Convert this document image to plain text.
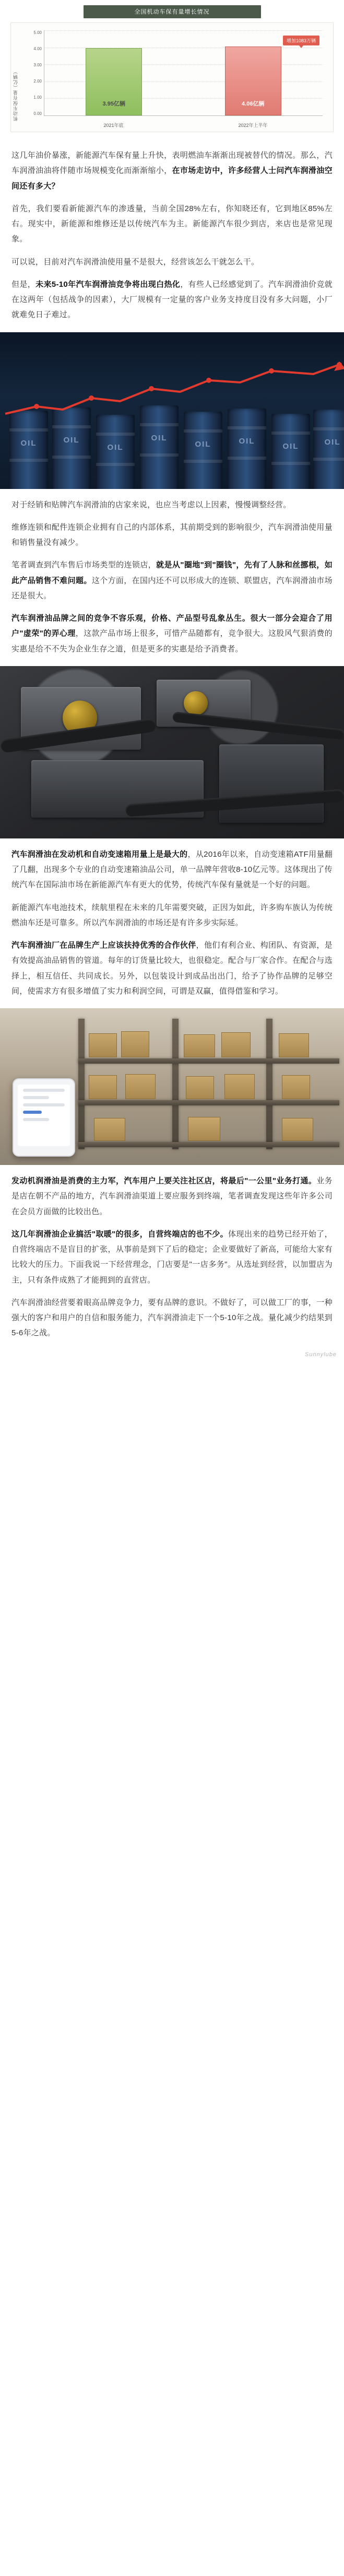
全国机动车保有量增长情况
机动车保有量（亿辆）
5.00
4.00
3.00
2.00
1.00
0.00
3.95亿辆	4.06亿辆
2021年底	2022年上半年
增加1083万辆
这几年油价暴涨，新能源汽车保有量上升快，表明燃油车渐渐出现被替代的情况。那么，汽车润滑油油将伴随市场规模变化而渐渐缩小，在市场走访中，许多经营人士问汽车润滑油空间还有多大？
首先，我们要看新能源汽车的渗透量，当前全国28%左右，你知晓还有，它到地区85%左右。现实中，新能源和维修还是以传统汽车为主。新能源汽车很少到店，来店也是常见现象。
可以说，目前对汽车润滑油使用量不是很大，经营该怎么干就怎么干。
但是，未来5-10年汽车润滑油竞争将出现白热化，有些人已经感觉到了。汽车润滑油价竞就在这两年（包括战争的因素），大厂规模有一定量的客户业务支持度目没有多大问题，小厂就难免日子难过。
OIL	OIL
OIL
OIL
OIL	OIL
OIL	OIL
对于经销和贴牌汽车润滑油的店家来说，也应当考虑以上因素，慢慢调整经营。
维修连锁和配件连锁企业拥有自己的内部体系，其前期受到的影响很少，汽车润滑油使用量和销售量没有减少。
笔者调查到汽车售后市场类型的连锁店，就是从"圈地"到"圈钱"，先有了人脉和丝挪根，如此产品销售不难问题。这个方面，在国内还不可以形成大的连锁、联盟店，汽车润滑油市场还是很大。
汽车润滑油品牌之间的竞争不容乐观，价格、产品型号乱象丛生。很大一部分会迎合了用户"虚荣"的弄心理，这款产品市场上很多，可惜产品随都有，竞争很大。这股风气狠消费的实惠是给不不失为企业生存之道，但是更多的实惠是给予消费者。
汽车润滑油在发动机和自动变速箱用量上是最大的，从2016年以来，自动变速箱ATF用量翻了几翻，出现多个专业的自动变速箱油品公司，单一品牌年营收8-10亿元等。这体现出了传统汽车在国际油市场在新能源汽车有更大的优势，传统汽车保有量就是一个好的问题。
新能源汽车电池技术，续航里程在未来的几年需要突破，正因为如此，许多购车族认为传统燃油车还是可靠多。所以汽车润滑油的市场还是有许多步实际延。
汽车润滑油厂在品牌生产上应该扶持优秀的合作伙伴，他们有利合业、构团队、有资源，是有效提高油品销售的管道。每年的订货量比较大，也很稳定。配合与厂家合作。在配合与选择上，相互信任、共同成长。另外，以包装设计到成品出出门，给予了协作品牌的足够空间，使需求方有很多增值了实力和利润空间，可谓是双赢，值得借鉴和学习。
发动机润滑油是消费的主力军，汽车用户上要关注社区店，将最后"一公里"业务打通。业务是店在朝不产品的地方，汽车润滑油渠道上要应服务到终端，笔者调查发现这些年许多公司在会员方面做的比较出色。
这几年润滑油企业搞活"取暖"的很多，自营终端店的也不少。体现出来的趋势已经开始了，自营终端店不是盲目的扩张，从事前是到下了后的稳定；企业要做好了新高，可能给大家有比较大的压力。下面我说一下经营理念，门店要是"一店多务"。从选址到经营，以加盟店为主，只有条件成熟了才能拥到的直营店。
汽车润滑油经营要着眼高品牌竞争力，要有品牌的意识。不做好了，可以做工厂的事，一种强大的客户和用户的自信和服务能力，汽车润滑油走下一个5-10年之战。量化减少约结果到5-6年之战。
Sunnylube
